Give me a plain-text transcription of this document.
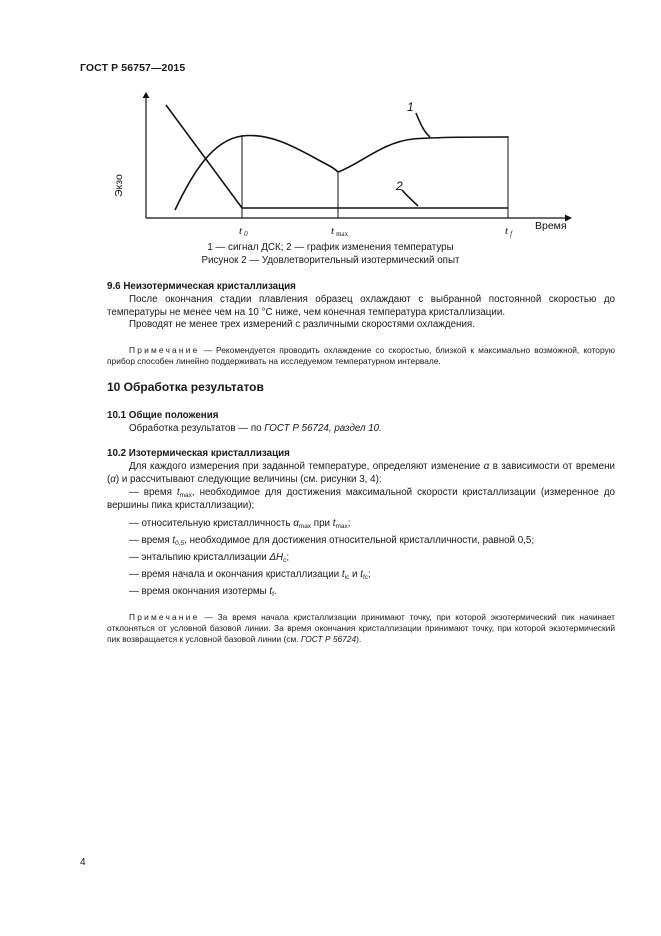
ГОСТ Р 56757—2015
1
2
Экзо
Время
t 0	tmax	tf
1 — сигнал ДСК; 2 — график изменения температуры
Рисунок 2 — Удовлетворительный изотермический опыт
9.6 Неизотермическая кристаллизация
После окончания стадии плавления образец охлаждают с выбранной постоянной скоростью до температуры не менее чем на 10 °С ниже, чем конечная температура кристаллизации.
Проводят не менее трех измерений с различными скоростями охлаждения.
Примечание — Рекомендуется проводить охлаждение со скоростью, близкой к максимально возможной, которую прибор способен линейно поддерживать на исследуемом температурном интервале.
10 Обработка результатов
10.1 Общие положения
Обработка результатов — по ГОСТ Р 56724, раздел 10.
10.2 Изотермическая кристаллизация
Для каждого измерения при заданной температуре, определяют изменение α в зависимости от времени (α) и рассчитывают следующие величины (см. рисунки 3, 4):
— время $t_{max}$, необходимое для достижения максимальной скорости кристаллизации (измеренное до вершины пика кристаллизации);
— относительную кристалличность $\alpha_{max}$ при $t_{max}$;
— время $t_{0,5}$, необходимое для достижения относительной кристалличности, равной 0,5;
— энтальпию кристаллизации $\Delta H_c$;
— время начала и окончания кристаллизации $t_{ic}$ и $t_{fc}$;
— время окончания изотермы $t_f$.
Примечание — За время начала кристаллизации принимают точку, при которой экзотермический пик начинает отклоняться от условной базовой линии. За время окончания кристаллизации принимают точку, при которой экзотермический пик возвращается к условной базовой линии (см. ГОСТ Р 56724).
4
